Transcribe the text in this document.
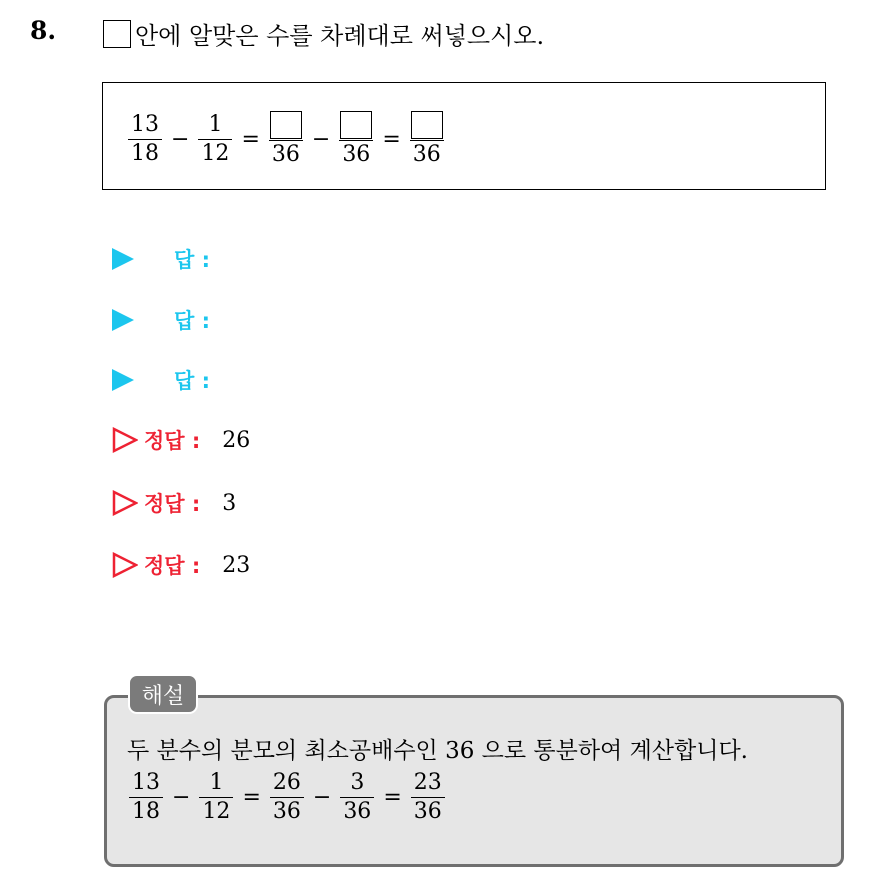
8.	안에 알맞은 수를 차례대로 써넣으시오.
$\frac{13}{18} - \frac{1}{12}$ =
36
−
36
=
36
답 :
답 :
답 :
정답 : 26
정답 : 3
정답 : 23
해설
두 분수의 분모의 최소공배수인 36 으로 통분하여 계산합니다.
$\frac{13}{18} - \frac{1}{12} = \frac{26}{36} - \frac{3}{36} = \frac{23}{36}$
